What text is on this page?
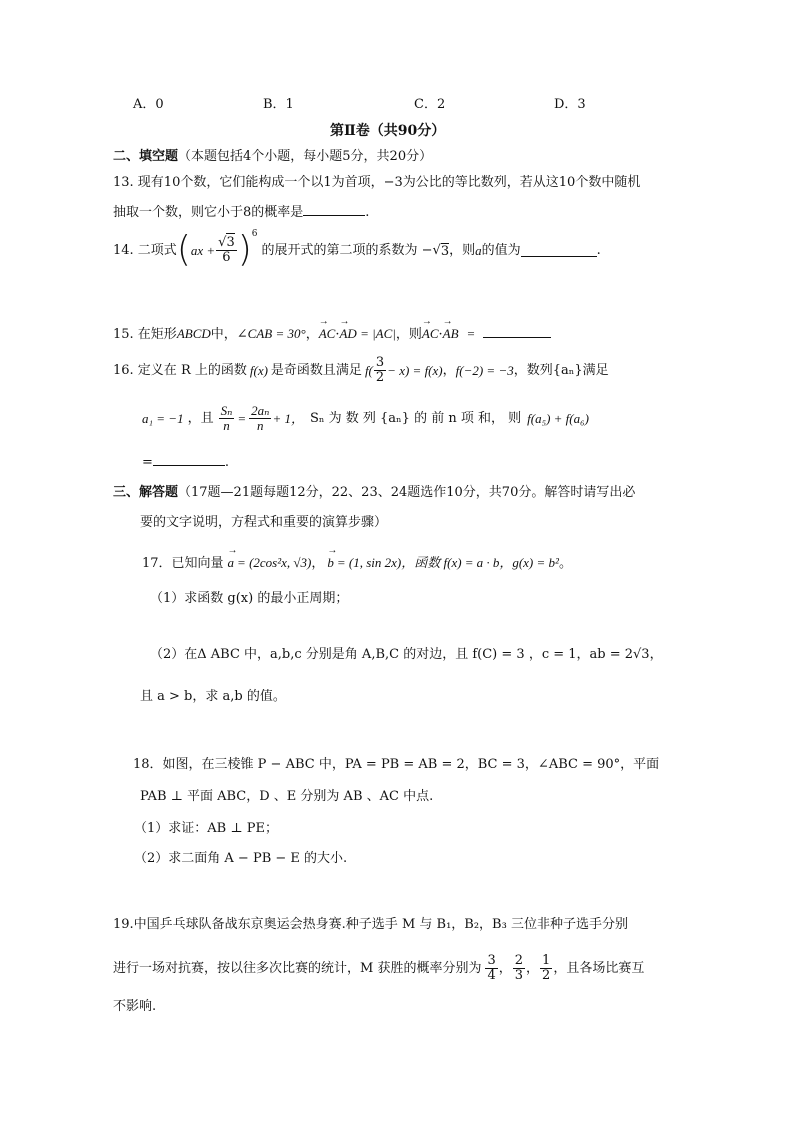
A．0	B．1	C．2	D．3
第Ⅱ卷（共90分）
二、填空题（本题包括4个小题，每小题5分，共20分）
13. 现有10个数，它们能构成一个以1为首项，−3为公比的等比数列，若从这10个数中随机
抽取一个数，则它小于8的概率是	.
14. 二项式 ( ax + $\frac{√3}{6}$ ) 6
的展开式的第二项的系数为 − √ 3 ，则 a 的值为	.
15. 在矩形ABCD中，∠CAB = 30°，→ AC·→ AD = |AC|，则→ AC·→ AB =
16. 定义在 R 上的函数 f(x) 是奇函数且满足 $f( \frac{3}{2} - x) = f(x)$ ， f(−2) = −3 ，数列{aₙ}满足
a₁ = −1 ，且 $\frac{\text{Sₙ}}{n} = \frac{\text{2aₙ}}{n} + 1$， Sₙ 为 数 列 {aₙ} 的 前 n 项 和， 则 f(a₅) + f(a₆)
=	.
三、解答题（17题—21题每题12分，22、23、24题选作10分，共70分。解答时请写出必
要的文字说明，方程式和重要的演算步骤）
17．已知向量 → a = (2cos²x, √3)， → b = (1, sin 2x)，函数 f(x) = a · b，g(x) = b²。
（1）求函数 g(x) 的最小正周期；
（2）在Δ ABC 中，a,b,c 分别是角 A,B,C 的对边，且 f(C) = 3 ，c = 1，ab = 2√3，
且 a > b，求 a,b 的值。
18．如图，在三棱锥 P − ABC 中，PA = PB = AB = 2，BC = 3，∠ABC = 90°，平面
PAB ⊥ 平面 ABC，D 、E 分别为 AB 、AC 中点.
（1）求证：AB ⊥ PE；
（2）求二面角 A − PB − E 的大小.
19.中国乒乓球队备战东京奥运会热身赛.种子选手 M 与 B₁，B₂，B₃ 三位非种子选手分别
进行一场对抗赛，按以往多次比赛的统计，M 获胜的概率分别为 $\frac{3}{4}$ ， $\frac{2}{3}$ ， $\frac{1}{2}$ ，且各场比赛互
不影响.
